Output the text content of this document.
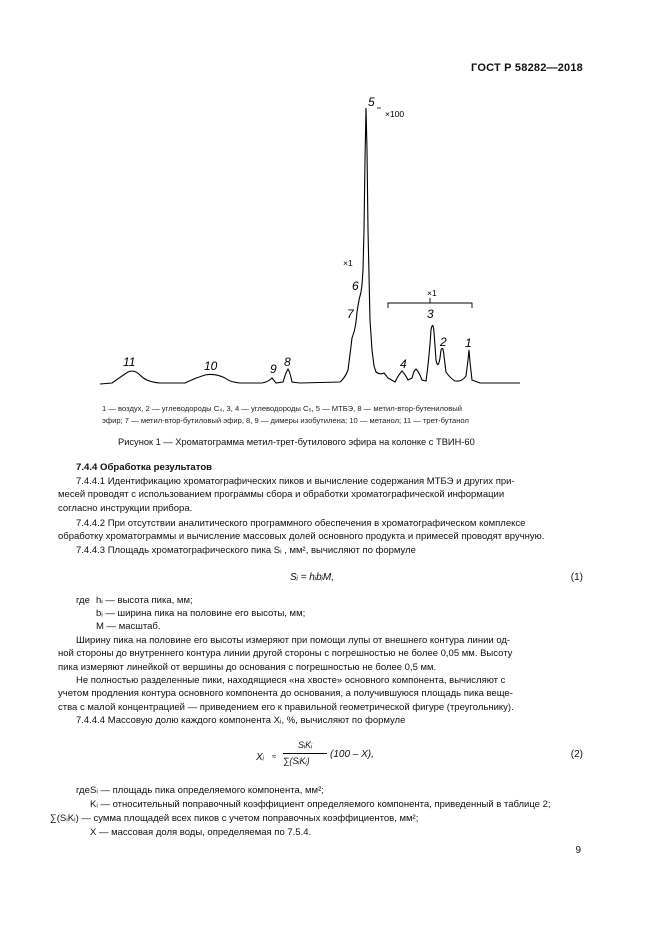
ГОСТ Р 58282—2018
11	10	9 8
7
6
5
4
3
2 1
×100
×1
×1
1 — воздух, 2 — углеводороды C₄, 3, 4 — углеводороды C₅, 5 — МТБЭ, 8 — метил-втор-бутениловый
эфир; 7 — метил-втор-бутиловый эфир, 8, 9 — димеры изобутилена; 10 — метанол; 11 — трет-бутанол
Рисунок 1 — Хроматограмма метил-трет-бутилового эфира на колонке с ТВИН-60
7.4.4 Обработка результатов
7.4.4.1 Идентификацию хроматографических пиков и вычисление содержания МТБЭ и других при-
месей проводят с использованием программы сбора и обработки хроматографической информации
согласно инструкции прибора.
7.4.4.2 При отсутствии аналитического программного обеспечения в хроматографическом комплексе
обработку хроматограммы и вычисление массовых долей основного продукта и примесей проводят вручную.
7.4.4.3 Площадь хроматографического пика Sᵢ , мм², вычисляют по формуле
Sᵢ = hᵢbᵢM,	(1)
где hᵢ — высота пика, мм;
bᵢ — ширина пика на половине его высоты, мм;
M — масштаб.
Ширину пика на половине его высоты измеряют при помощи лупы от внешнего контура линии од-
ной стороны до внутреннего контура линии другой стороны с погрешностью не более 0,05 мм. Высоту
пика измеряют линейкой от вершины до основания с погрешностью не более 0,5 мм.
Не полностью разделенные пики, находящиеся «на хвосте» основного компонента, вычисляют с
учетом продления контура основного компонента до основания, а получившуюся площадь пика веще-
ства с малой концентрацией — приведением его к правильной геометрической фигуре (треугольнику).
7.4.4.4 Массовую долю каждого компонента Xᵢ, %, вычисляют по формуле
Xᵢ ≈
SᵢKᵢ
∑(SᵢKᵢ)
(100 – X),	(2)
где Sᵢ — площадь пика определяемого компонента, мм²;
Kᵢ — относительный поправочный коэффициент определяемого компонента, приведенный в таблице 2;
∑(SᵢKᵢ) — сумма площадей всех пиков с учетом поправочных коэффициентов, мм²;
X — массовая доля воды, определяемая по 7.5.4.
9
